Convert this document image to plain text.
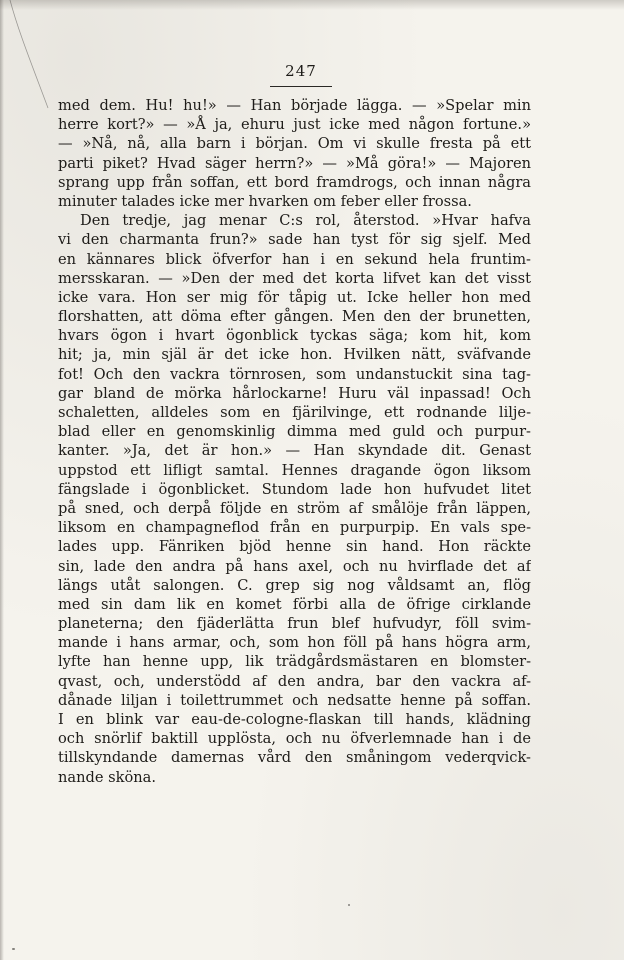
247
med dem. Hu! hu!» — Han började lägga. — »Spelar min
herre kort?» — »Å ja, ehuru just icke med någon fortune.»
— »Nå, nå, alla barn i början. Om vi skulle fresta på ett
parti piket? Hvad säger herrn?» — »Må göra!» — Majoren
sprang upp från soffan, ett bord framdrogs, och innan några
minuter talades icke mer hvarken om feber eller frossa.
Den tredje, jag menar C:s rol, återstod. »Hvar hafva
vi den charmanta frun?» sade han tyst för sig sjelf. Med
en kännares blick öfverfor han i en sekund hela fruntim-
mersskaran. — »Den der med det korta lifvet kan det visst
icke vara. Hon ser mig för tåpig ut. Icke heller hon med
florshatten, att döma efter gången. Men den der brunetten,
hvars ögon i hvart ögonblick tyckas säga; kom hit, kom
hit; ja, min själ är det icke hon. Hvilken nätt, sväfvande
fot! Och den vackra törnrosen, som undanstuckit sina tag-
gar bland de mörka hårlockarne! Huru väl inpassad! Och
schaletten, alldeles som en fjärilvinge, ett rodnande lilje-
blad eller en genomskinlig dimma med guld och purpur-
kanter. »Ja, det är hon.» — Han skyndade dit. Genast
uppstod ett lifligt samtal. Hennes dragande ögon liksom
fängslade i ögonblicket. Stundom lade hon hufvudet litet
på sned, och derpå följde en ström af smålöje från läppen,
liksom en champagneflod från en purpurpip. En vals spe-
lades upp. Fänriken bjöd henne sin hand. Hon räckte
sin, lade den andra på hans axel, och nu hvirflade det af
längs utåt salongen. C. grep sig nog våldsamt an, flög
med sin dam lik en komet förbi alla de öfrige cirklande
planeterna; den fjäderlätta frun blef hufvudyr, föll svim-
mande i hans armar, och, som hon föll på hans högra arm,
lyfte han henne upp, lik trädgårdsmästaren en blomster-
qvast, och, understödd af den andra, bar den vackra af-
dånade liljan i toilettrummet och nedsatte henne på soffan.
I en blink var eau-de-cologne-flaskan till hands, klädning
och snörlif baktill upplösta, och nu öfverlemnade han i de
tillskyndande damernas vård den småningom vederqvick-
nande sköna.
